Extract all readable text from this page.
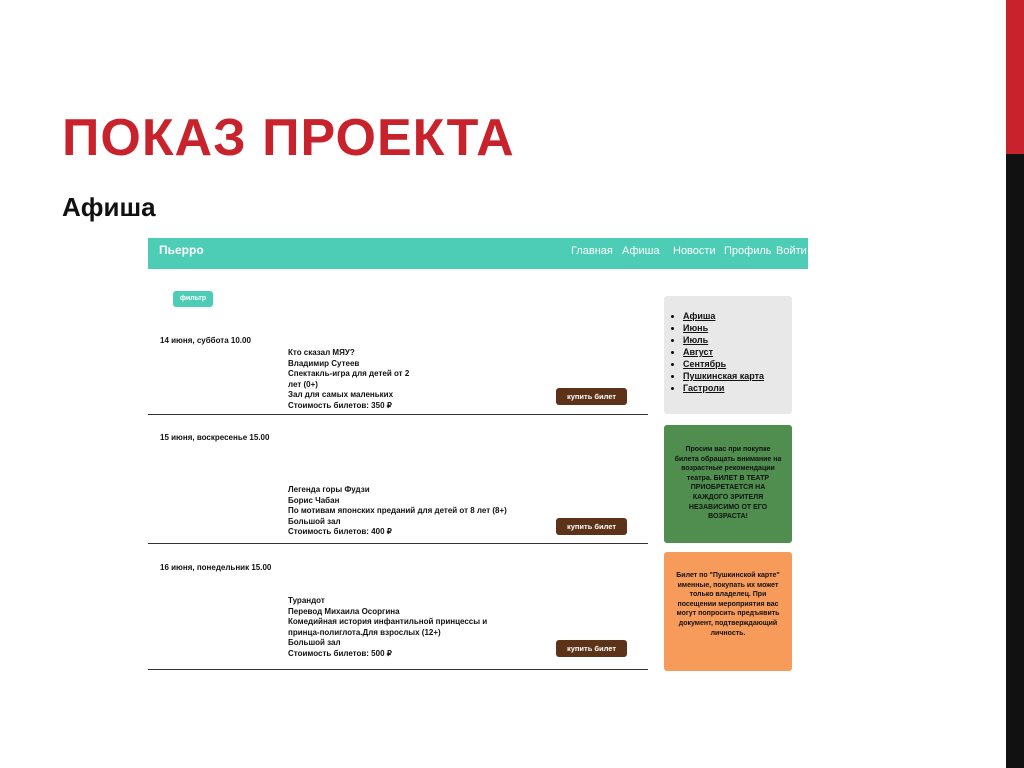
ПОКАЗ ПРОЕКТА
Афиша
Пьерро	Главная Афиша Новости Профиль Войти
фильтр
14 июня, суббота 10.00
Кто сказал МЯУ?
Владимир Сутеев
Спектакль-игра для детей от 2 лет (0+)
Зал для самых маленьких
Стоимость билетов: 350 ₽
купить билет
15 июня, воскресенье 15.00
Легенда горы Фудзи
Борис Чабан
По мотивам японских преданий для детей от 8 лет (8+)
Большой зал
Стоимость билетов: 400 ₽
купить билет
16 июня, понедельник 15.00
Турандот
Перевод Михаила Осоргина
Комедийная история инфантильной принцессы и принца-полиглота.Для взрослых (12+)
Большой зал
Стоимость билетов: 500 ₽	купить билет
• Афиша
• Июнь
• Июль
• Август
• Сентябрь
• Пушкинская карта
• Гастроли
Просим вас при покупке билета обращать внимание на возрастные рекомендации театра. БИЛЕТ В ТЕАТР ПРИОБРЕТАЕТСЯ НА КАЖДОГО ЗРИТЕЛЯ НЕЗАВИСИМО ОТ ЕГО ВОЗРАСТА!
Билет по "Пушкинской карте" именные, покупать их может только владелец. При посещении мероприятия вас могут попросить предъявить документ, подтверждающий личность.
